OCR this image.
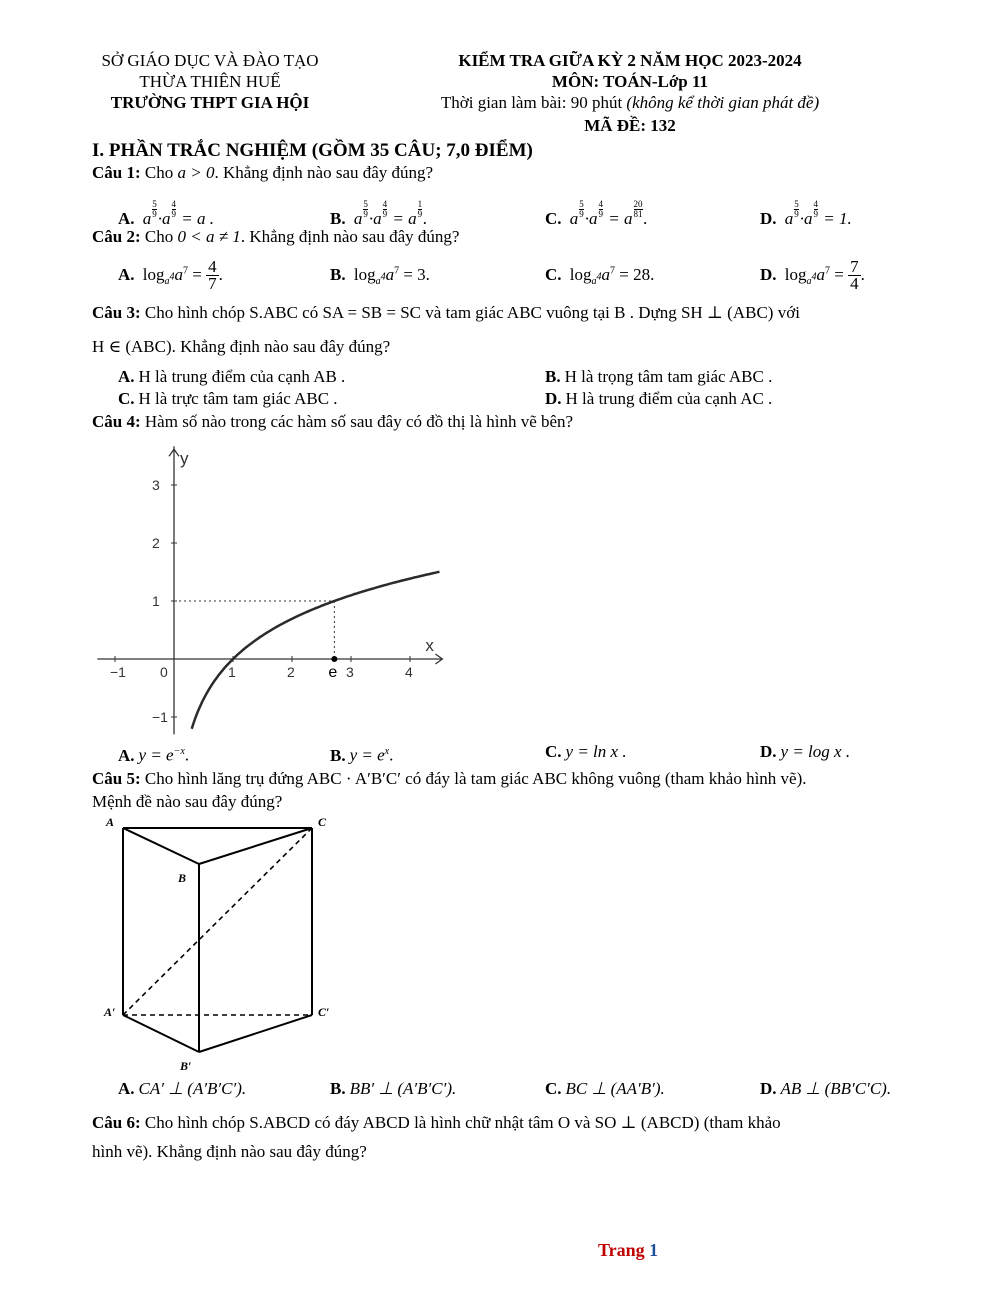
SỞ GIÁO DỤC VÀ ĐÀO TẠO
THỪA THIÊN HUẾ
TRƯỜNG THPT GIA HỘI
KIỂM TRA GIỮA KỲ 2 NĂM HỌC 2023-2024
MÔN: TOÁN-Lớp 11
Thời gian làm bài: 90 phút (không kể thời gian phát đề)
MÃ ĐỀ: 132
I. PHẦN TRẮC NGHIỆM (GỒM 35 CÂU; 7,0 ĐIỂM)
Câu 1: Cho a > 0. Khẳng định nào sau đây đúng?
A. a $\frac{5}{9} \cdot a \frac{4}{9} = a$ .	B. a $\frac{5}{9} \cdot a \frac{4}{9} = a \frac{1}{9}$ .	C. a $\frac{5}{9} \cdot a \frac{4}{9} = a \frac{20}{81}$ .	D. a $\frac{5}{9} \cdot a \frac{4}{9} = 1$.
Câu 2: Cho 0 < a ≠ 1. Khẳng định nào sau đây đúng?
A. $\log_{a^4}a^7 = \frac{4}{7}$ .	B. $\log_{a^4}a^7 = 3$.	C. $\log_{a^4}a^7 = 28$.	D. $\log_{a^4}a^7 = \frac{7}{4}$ .
Câu 3: Cho hình chóp S.ABC có SA = SB = SC và tam giác ABC vuông tại B . Dựng SH ⊥ (ABC) với
H ∈ (ABC). Khẳng định nào sau đây đúng?
A. H là trung điểm của cạnh AB .	B. H là trọng tâm tam giác ABC .
C. H là trực tâm tam giác ABC .	D. H là trung điểm của cạnh AC .
Câu 4: Hàm số nào trong các hàm số sau đây có đồ thị là hình vẽ bên?
−1 0	1	2	3	4
3
2
1
−1
x
y
e
A. $y = e^{-x}$.	B. $y = e^x$.	C. y = ln x .	D. y = log x .
Câu 5: Cho hình lăng trụ đứng ABC · A′B′C′ có đáy là tam giác ABC không vuông (tham khảo hình vẽ).
Mệnh đề nào sau đây đúng?
A	C
B
A′	C′
B′
A. CA′ ⊥ (A′B′C′).	B. BB′ ⊥ (A′B′C′).	C. BC ⊥ (AA′B′).	D. AB ⊥ (BB′C′C).
Câu 6: Cho hình chóp S.ABCD có đáy ABCD là hình chữ nhật tâm O và SO ⊥ (ABCD) (tham khảo
hình vẽ). Khẳng định nào sau đây đúng?
Trang 1
